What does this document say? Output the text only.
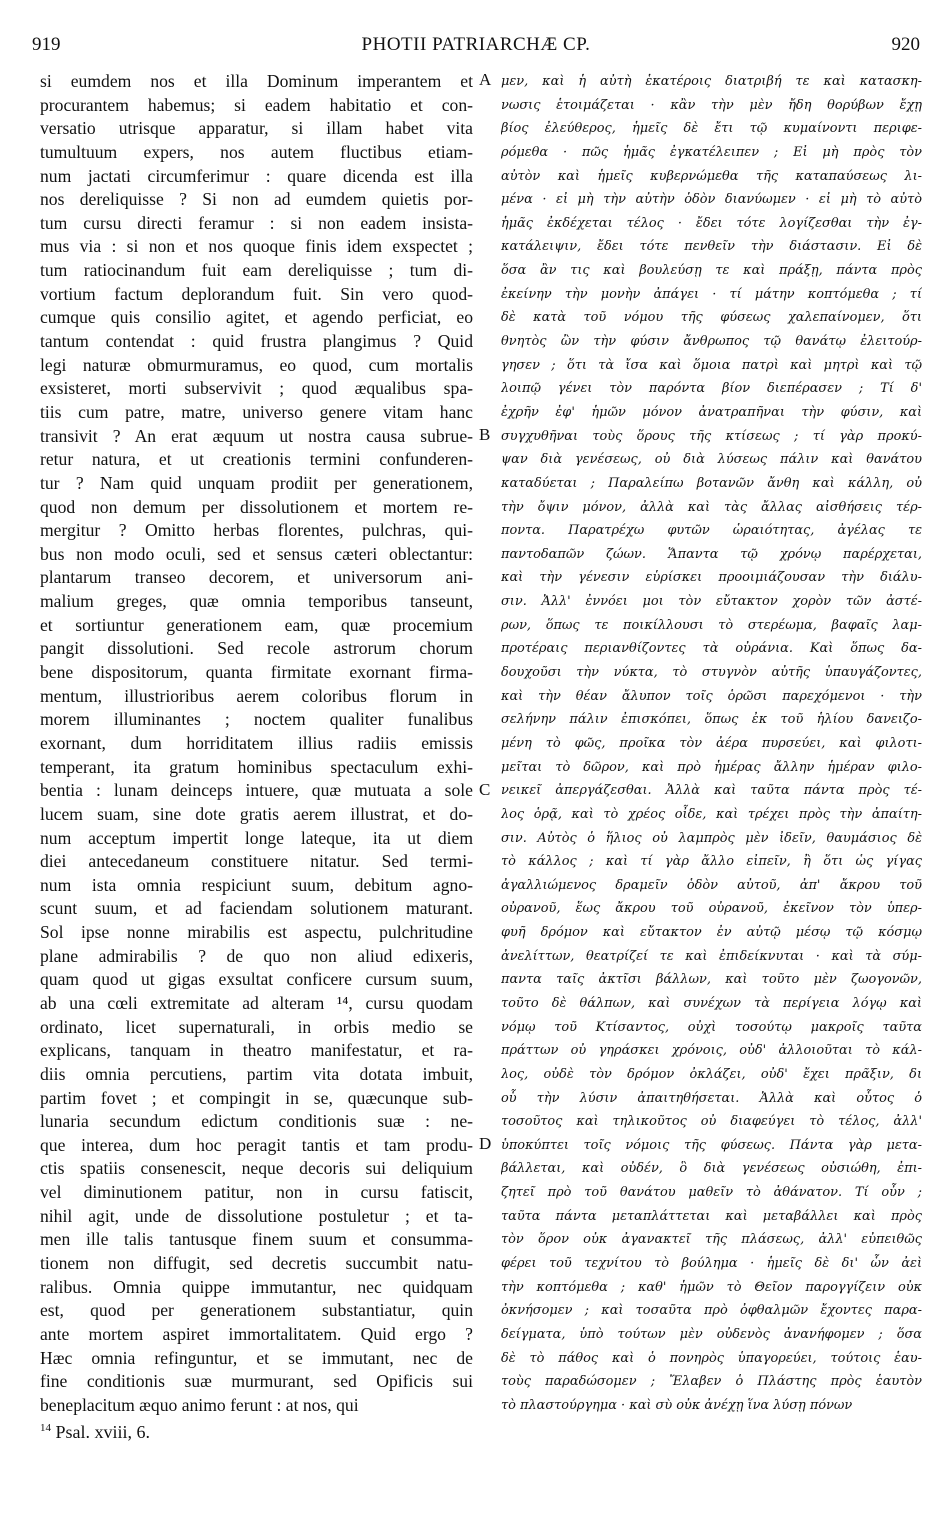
919	PHOTII PATRIARCHÆ CP.	920
si eumdem nos et illa Dominum imperantem et
procurantem habemus; si eadem habitatio et con-
versatio utrisque apparatur, si illam habet vita
tumultuum expers, nos autem fluctibus etiam-
num jactati circumferimur : quare dicenda est illa
nos dereliquisse ? Si non ad eumdem quietis por-
tum cursu directi feramur : si non eadem insista-
mus via : si non et nos quoque finis idem exspectet ;
tum ratiocinandum fuit eam dereliquisse ; tum di-
vortium factum deplorandum fuit. Sin vero quod-
cumque quis consilio agitet, et agendo perficiat, eo
tantum contendat : quid frustra plangimus ? Quid
legi naturæ obmurmuramus, eo quod, cum mortalis
exsisteret, morti subservivit ; quod æqualibus spa-
tiis cum patre, matre, universo genere vitam hanc
transivit ? An erat æquum ut nostra causa subrue-
retur natura, et ut creationis termini confunderen-
tur ? Nam quid unquam prodiit per generationem,
quod non demum per dissolutionem et mortem re-
mergitur ? Omitto herbas florentes, pulchras, qui-
bus non modo oculi, sed et sensus cæteri oblectantur:
plantarum transeo decorem, et universorum ani-
malium greges, quæ omnia temporibus tanseunt,
et sortiuntur generationem eam, quæ procemium
pangit dissolutioni. Sed recole astrorum chorum
bene dispositorum, quanta firmitate exornant firma-
mentum, illustrioribus aerem coloribus florum in
morem illuminantes ; noctem qualiter funalibus
exornant, dum horriditatem illius radiis emissis
temperant, ita gratum hominibus spectaculum exhi-
bentia : lunam deinceps intuere, quæ mutuata a sole
lucem suam, sine dote gratis aerem illustrat, et do-
num acceptum impertit longe lateque, ita ut diem
diei antecedaneum constituere nitatur. Sed termi-
num ista omnia respiciunt suum, debitum agno-
scunt suum, et ad faciendam solutionem maturant.
Sol ipse nonne mirabilis est aspectu, pulchritudine
plane admirabilis ? de quo non aliud edixeris,
quam quod ut gigas exsultat conficere cursum suum,
ab una cœli extremitate ad alteram ¹⁴, cursu quodam
ordinato, licet supernaturali, in orbis medio se
explicans, tanquam in theatro manifestatur, et ra-
diis omnia percutiens, partim vita dotata imbuit,
partim fovet ; et compingit in se, quæcunque sub-
lunaria secundum edictum conditionis suæ : ne-
que interea, dum hoc peragit tantis et tam produ-
ctis spatiis consenescit, neque decoris sui deliquium
vel diminutionem patitur, non in cursu fatiscit,
nihil agit, unde de dissolutione postuletur ; et ta-
men ille talis tantusque finem suum et consumma-
tionem non diffugit, sed decretis succumbit natu-
ralibus. Omnia quippe immutantur, nec quidquam
est, quod per generationem substantiatur, quin
ante mortem aspiret immortalitatem. Quid ergo ?
Hæc omnia refinguntur, et se immutant, nec de
fine conditionis suæ murmurant, sed Opificis sui
beneplacitum æquo animo ferunt : at nos, qui
A
B
C
D
μεν, καὶ ἡ αὐτὴ ἑκατέροις διατριβή τε καὶ κατασκη-
νωσις ἑτοιμάζεται · κἂν τὴν μὲν ἤδη θορύβων ἔχῃ
βίος ἐλεύθερος, ἡμεῖς δὲ ἔτι τῷ κυμαίνοντι περιφε-
ρόμεθα · πῶς ἡμᾶς ἐγκατέλειπεν ; Εἰ μὴ πρὸς τὸν
αὐτὸν καὶ ἡμεῖς κυβερνώμεθα τῆς καταπαύσεως λι-
μένα · εἰ μὴ τὴν αὐτὴν ὁδὸν διανύωμεν · εἰ μὴ τὸ αὐτὸ
ἡμᾶς ἐκδέχεται τέλος · ἔδει τότε λογίζεσθαι τὴν ἐγ-
κατάλειψιν, ἔδει τότε πενθεῖν τὴν διάστασιν. Εἰ δὲ
ὅσα ἂν τις καὶ βουλεύσῃ τε καὶ πράξῃ, πάντα πρὸς
ἐκείνην τὴν μονὴν ἀπάγει · τί μάτην κοπτόμεθα ; τί
δὲ κατὰ τοῦ νόμου τῆς φύσεως χαλεπαίνομεν, ὅτι
θνητὸς ὢν τὴν φύσιν ἄνθρωπος τῷ θανάτῳ ἐλειτούρ-
γησεν ; ὅτι τὰ ἴσα καὶ ὅμοια πατρὶ καὶ μητρὶ καὶ τῷ
λοιπῷ γένει τὸν παρόντα βίον διεπέρασεν ; Τί δ'
ἐχρῆν ἐφ' ἡμῶν μόνον ἀνατραπῆναι τὴν φύσιν, καὶ
συγχυθῆναι τοὺς ὅρους τῆς κτίσεως ; τί γὰρ προκύ-
ψαν διὰ γενέσεως, οὐ διὰ λύσεως πάλιν καὶ θανάτου
καταδύεται ; Παραλείπω βοτανῶν ἄνθη καὶ κάλλη, οὐ
τὴν ὄψιν μόνον, ἀλλὰ καὶ τὰς ἄλλας αἰσθήσεις τέρ-
ποντα. Παρατρέχω φυτῶν ὡραιότητας, ἀγέλας τε
παντοδαπῶν ζώων. Ἅπαντα τῷ χρόνῳ παρέρχεται,
καὶ τὴν γένεσιν εὑρίσκει προοιμιάζουσαν τὴν διάλυ-
σιν. Ἀλλ' ἐννόει μοι τὸν εὔτακτον χορὸν τῶν ἀστέ-
ρων, ὅπως τε ποικίλλουσι τὸ στερέωμα, βαφαῖς λαμ-
προτέραις περιανθίζοντες τὰ οὐράνια. Καὶ ὅπως δα-
δουχοῦσι τὴν νύκτα, τὸ στυγνὸν αὐτῆς ὑπαυγάζοντες,
καὶ τὴν θέαν ἄλυπον τοῖς ὁρῶσι παρεχόμενοι · τὴν
σελήνην πάλιν ἐπισκόπει, ὅπως ἐκ τοῦ ἡλίου δανειζο-
μένη τὸ φῶς, προῖκα τὸν ἀέρα πυρσεύει, καὶ φιλοτι-
μεῖται τὸ δῶρον, καὶ πρὸ ἡμέρας ἄλλην ἡμέραν φιλο-
νεικεῖ ἀπεργάζεσθαι. Ἀλλὰ καὶ ταῦτα πάντα πρὸς τέ-
λος ὁρᾷ, καὶ τὸ χρέος οἶδε, καὶ τρέχει πρὸς τὴν ἀπαίτη-
σιν. Αὐτὸς ὁ ἥλιος οὐ λαμπρὸς μὲν ἰδεῖν, θαυμάσιος δὲ
τὸ κάλλος ; καὶ τί γὰρ ἄλλο εἰπεῖν, ἢ ὅτι ὡς γίγας
ἀγαλλιώμενος δραμεῖν ὁδὸν αὐτοῦ, ἀπ' ἄκρου τοῦ
οὐρανοῦ, ἕως ἄκρου τοῦ οὐρανοῦ, ἐκεῖνον τὸν ὑπερ-
φυῆ δρόμον καὶ εὔτακτον ἐν αὐτῷ μέσῳ τῷ κόσμῳ
ἀνελίττων, θεατρίζεί τε καὶ ἐπιδείκνυται · καὶ τὰ σύμ-
παντα ταῖς ἀκτῖσι βάλλων, καὶ τοῦτο μὲν ζωογονῶν,
τοῦτο δὲ θάλπων, καὶ συνέχων τὰ περίγεια λόγῳ καὶ
νόμῳ τοῦ Κτίσαντος, οὐχὶ τοσούτῳ μακροῖς ταῦτα
πράττων οὐ γηράσκει χρόνοις, οὐδ' ἀλλοιοῦται τὸ κάλ-
λος, οὐδὲ τὸν δρόμον ὀκλάζει, οὐδ' ἔχει πρᾶξιν, δι
οὗ τὴν λύσιν ἀπαιτηθήσεται. Ἀλλὰ καὶ οὗτος ὁ
τοσοῦτος καὶ τηλικοῦτος οὐ διαφεύγει τὸ τέλος, ἀλλ'
ὑποκύπτει τοῖς νόμοις τῆς φύσεως. Πάντα γὰρ μετα-
βάλλεται, καὶ οὐδέν, ὃ διὰ γενέσεως οὐσιώθη, ἐπι-
ζητεῖ πρὸ τοῦ θανάτου μαθεῖν τὸ ἀθάνατον. Τί οὖν ;
ταῦτα πάντα μεταπλάττεται καὶ μεταβάλλει καὶ πρὸς
τὸν ὅρον οὐκ ἀγανακτεῖ τῆς πλάσεως, ἀλλ' εὐπειθῶς
φέρει τοῦ τεχνίτου τὸ βούλημα · ἡμεῖς δὲ δι' ὧν ἀεὶ
τὴν κοπτόμεθα ; καθ' ἡμῶν τὸ Θεῖον παρογγίζειν οὐκ
ὀκνήσομεν ; καὶ τοσαῦτα πρὸ ὀφθαλμῶν ἔχοντες παρα-
δείγματα, ὑπὸ τούτων μὲν οὐδενὸς ἀνανήφομεν ; ὅσα
δὲ τὸ πάθος καὶ ὁ πονηρὸς ὑπαγορεύει, τούτοις ἑαυ-
τοὺς παραδώσομεν ; Ἔλαβεν ὁ Πλάστης πρὸς ἑαυτὸν
τὸ πλαστούργημα · καὶ σὺ οὐκ ἀνέχῃ ἵνα λύσῃ πόνων
$^{14}$ Psal. xviii, 6.
